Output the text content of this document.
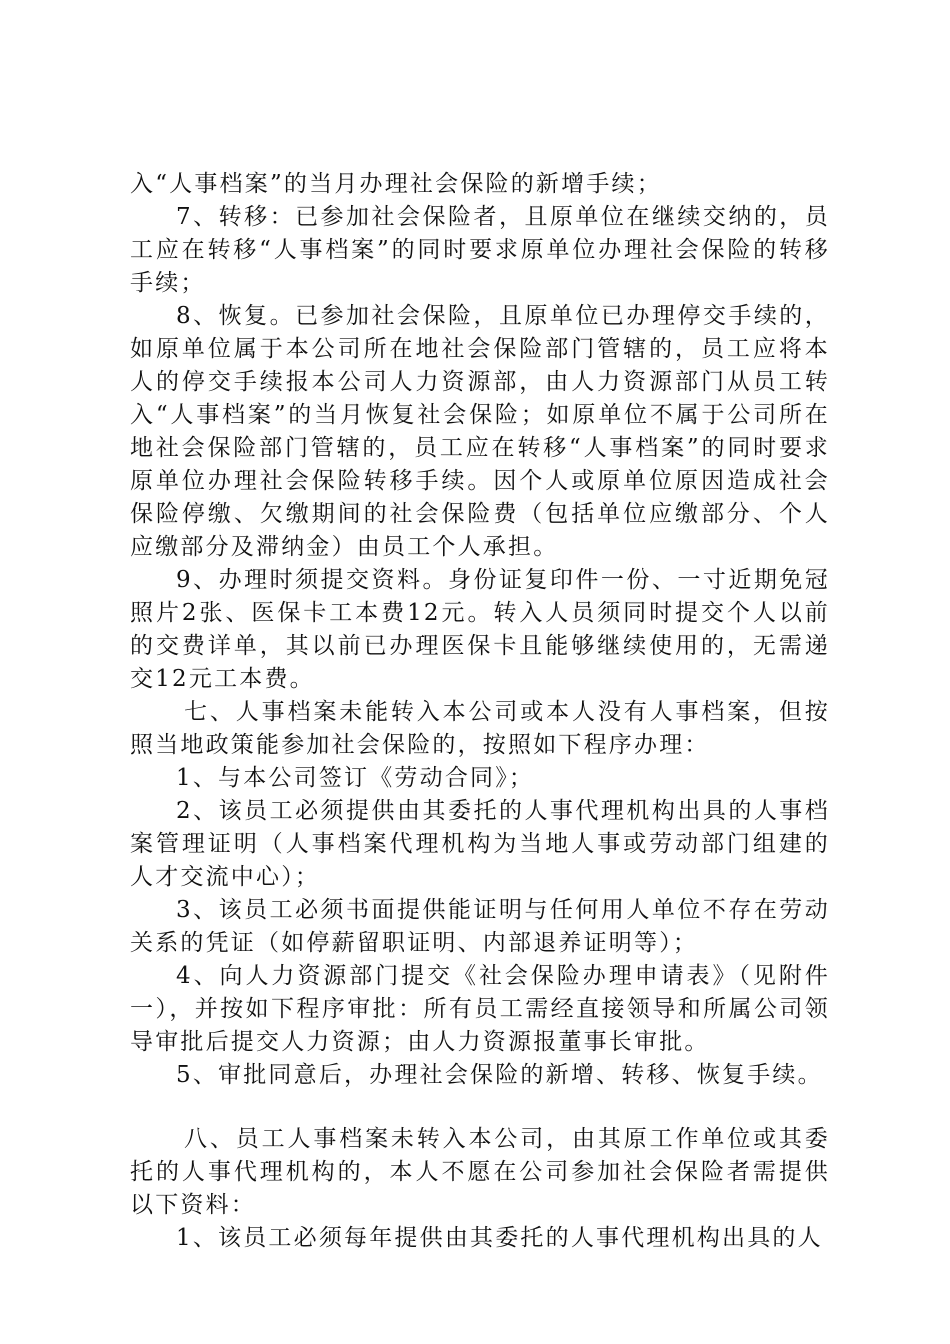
入“人事档案”的当月办理社会保险的新增手续；

7、转移：已参加社会保险者，且原单位在继续交纳的，员工应在转移“人事档案”的同时要求原单位办理社会保险的转移手续；

8、恢复。已参加社会保险，且原单位已办理停交手续的，如原单位属于本公司所在地社会保险部门管辖的，员工应将本人的停交手续报本公司人力资源部，由人力资源部门从员工转入“人事档案”的当月恢复社会保险；如原单位不属于公司所在地社会保险部门管辖的，员工应在转移“人事档案”的同时要求原单位办理社会保险转移手续。因个人或原单位原因造成社会保险停缴、欠缴期间的社会保险费（包括单位应缴部分、个人应缴部分及滞纳金）由员工个人承担。

9、办理时须提交资料。身份证复印件一份、一寸近期免冠照片2张、医保卡工本费12元。转入人员须同时提交个人以前的交费详单，其以前已办理医保卡且能够继续使用的，无需递交12元工本费。

七、人事档案未能转入本公司或本人没有人事档案，但按照当地政策能参加社会保险的，按照如下程序办理：

1、与本公司签订《劳动合同》；

2、该员工必须提供由其委托的人事代理机构出具的人事档案管理证明（人事档案代理机构为当地人事或劳动部门组建的人才交流中心）；

3、该员工必须书面提供能证明与任何用人单位不存在劳动关系的凭证（如停薪留职证明、内部退养证明等）；

4、向人力资源部门提交《社会保险办理申请表》（见附件一），并按如下程序审批：所有员工需经直接领导和所属公司领导审批后提交人力资源；由人力资源报董事长审批。

5、审批同意后，办理社会保险的新增、转移、恢复手续。

八、员工人事档案未转入本公司，由其原工作单位或其委托的人事代理机构的，本人不愿在公司参加社会保险者需提供以下资料：

1、该员工必须每年提供由其委托的人事代理机构出具的人
